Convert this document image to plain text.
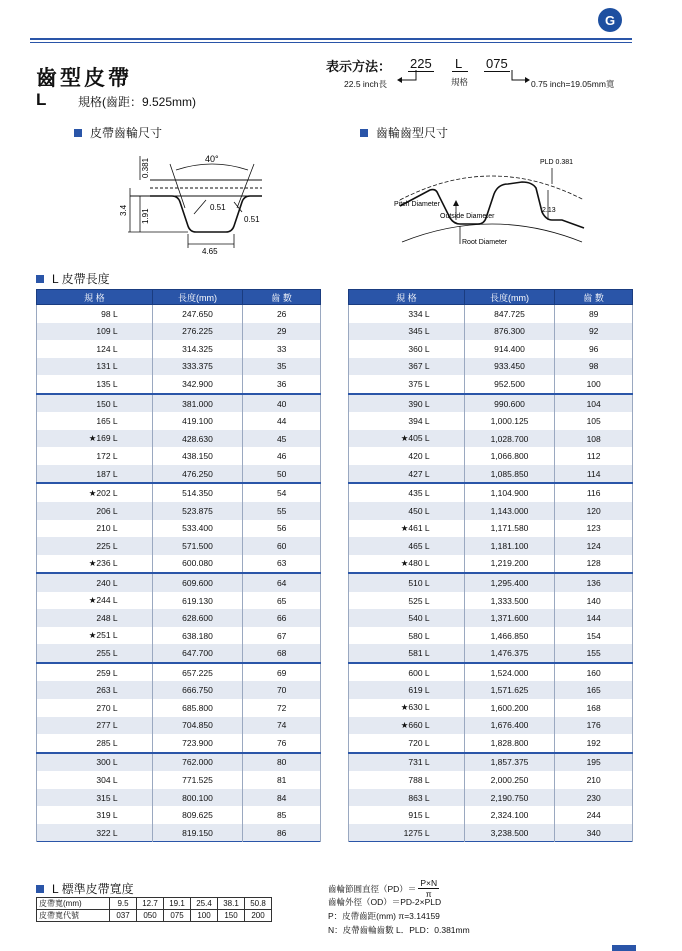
G
齒型皮帶
L	規格(齒距：9.525mm)
表示方法： 225 L 075
22.5 inch長	規格	0.75 inch=19.05mm寬
皮帶齒輪尺寸	齒輪齒型尺寸
40°
0.381
3.4 1.91
0.51
0.51
4.65
PLD 0.381
Pitch Diameter
Outside Diameter
Root Diameter
2.13
L 皮帶長度
規 格	長度(mm)	齒 數
98 L	247.650	26
109 L	276.225	29
124 L	314.325	33
131 L	333.375	35
135 L	342.900	36
150 L	381.000	40
165 L	419.100	44
★169 L	428.630	45
172 L	438.150	46
187 L	476.250	50
★202 L	514.350	54
206 L	523.875	55
210 L	533.400	56
225 L	571.500	60
★236 L	600.080	63
240 L	609.600	64
★244 L	619.130	65
248 L	628.600	66
★251 L	638.180	67
255 L	647.700	68
259 L	657.225	69
263 L	666.750	70
270 L	685.800	72
277 L	704.850	74
285 L	723.900	76
300 L	762.000	80
304 L	771.525	81
315 L	800.100	84
319 L	809.625	85
322 L	819.150	86
規 格	長度(mm)	齒 數
334 L	847.725	89
345 L	876.300	92
360 L	914.400	96
367 L	933.450	98
375 L	952.500	100
390 L	990.600	104
394 L	1,000.125	105
★405 L	1,028.700	108
420 L	1,066.800	112
427 L	1,085.850	114
435 L	1,104.900	116
450 L	1,143.000	120
★461 L	1,171.580	123
465 L	1,181.100	124
★480 L	1,219.200	128
510 L	1,295.400	136
525 L	1,333.500	140
540 L	1,371.600	144
580 L	1,466.850	154
581 L	1,476.375	155
600 L	1,524.000	160
619 L	1,571.625	165
★630 L	1,600.200	168
★660 L	1,676.400	176
720 L	1,828.800	192
731 L	1,857.375	195
788 L	2,000.250	210
863 L	2,190.750	230
915 L	2,324.100	244
1275 L	3,238.500	340
L 標準皮帶寬度
皮帶寬(mm)	9.5	12.7	19.1	25.4	38.1	50.8
皮帶寬代號	037	050	075	100	150	200
齒輪節圓直徑$(PD)= \frac{P\times N}{\pi}$
齒輪外徑（OD）＝PD-2×PLD
P：皮帶齒距(mm) π=3.14159
N：皮帶齒輪齒數 L．PLD：0.381mm
